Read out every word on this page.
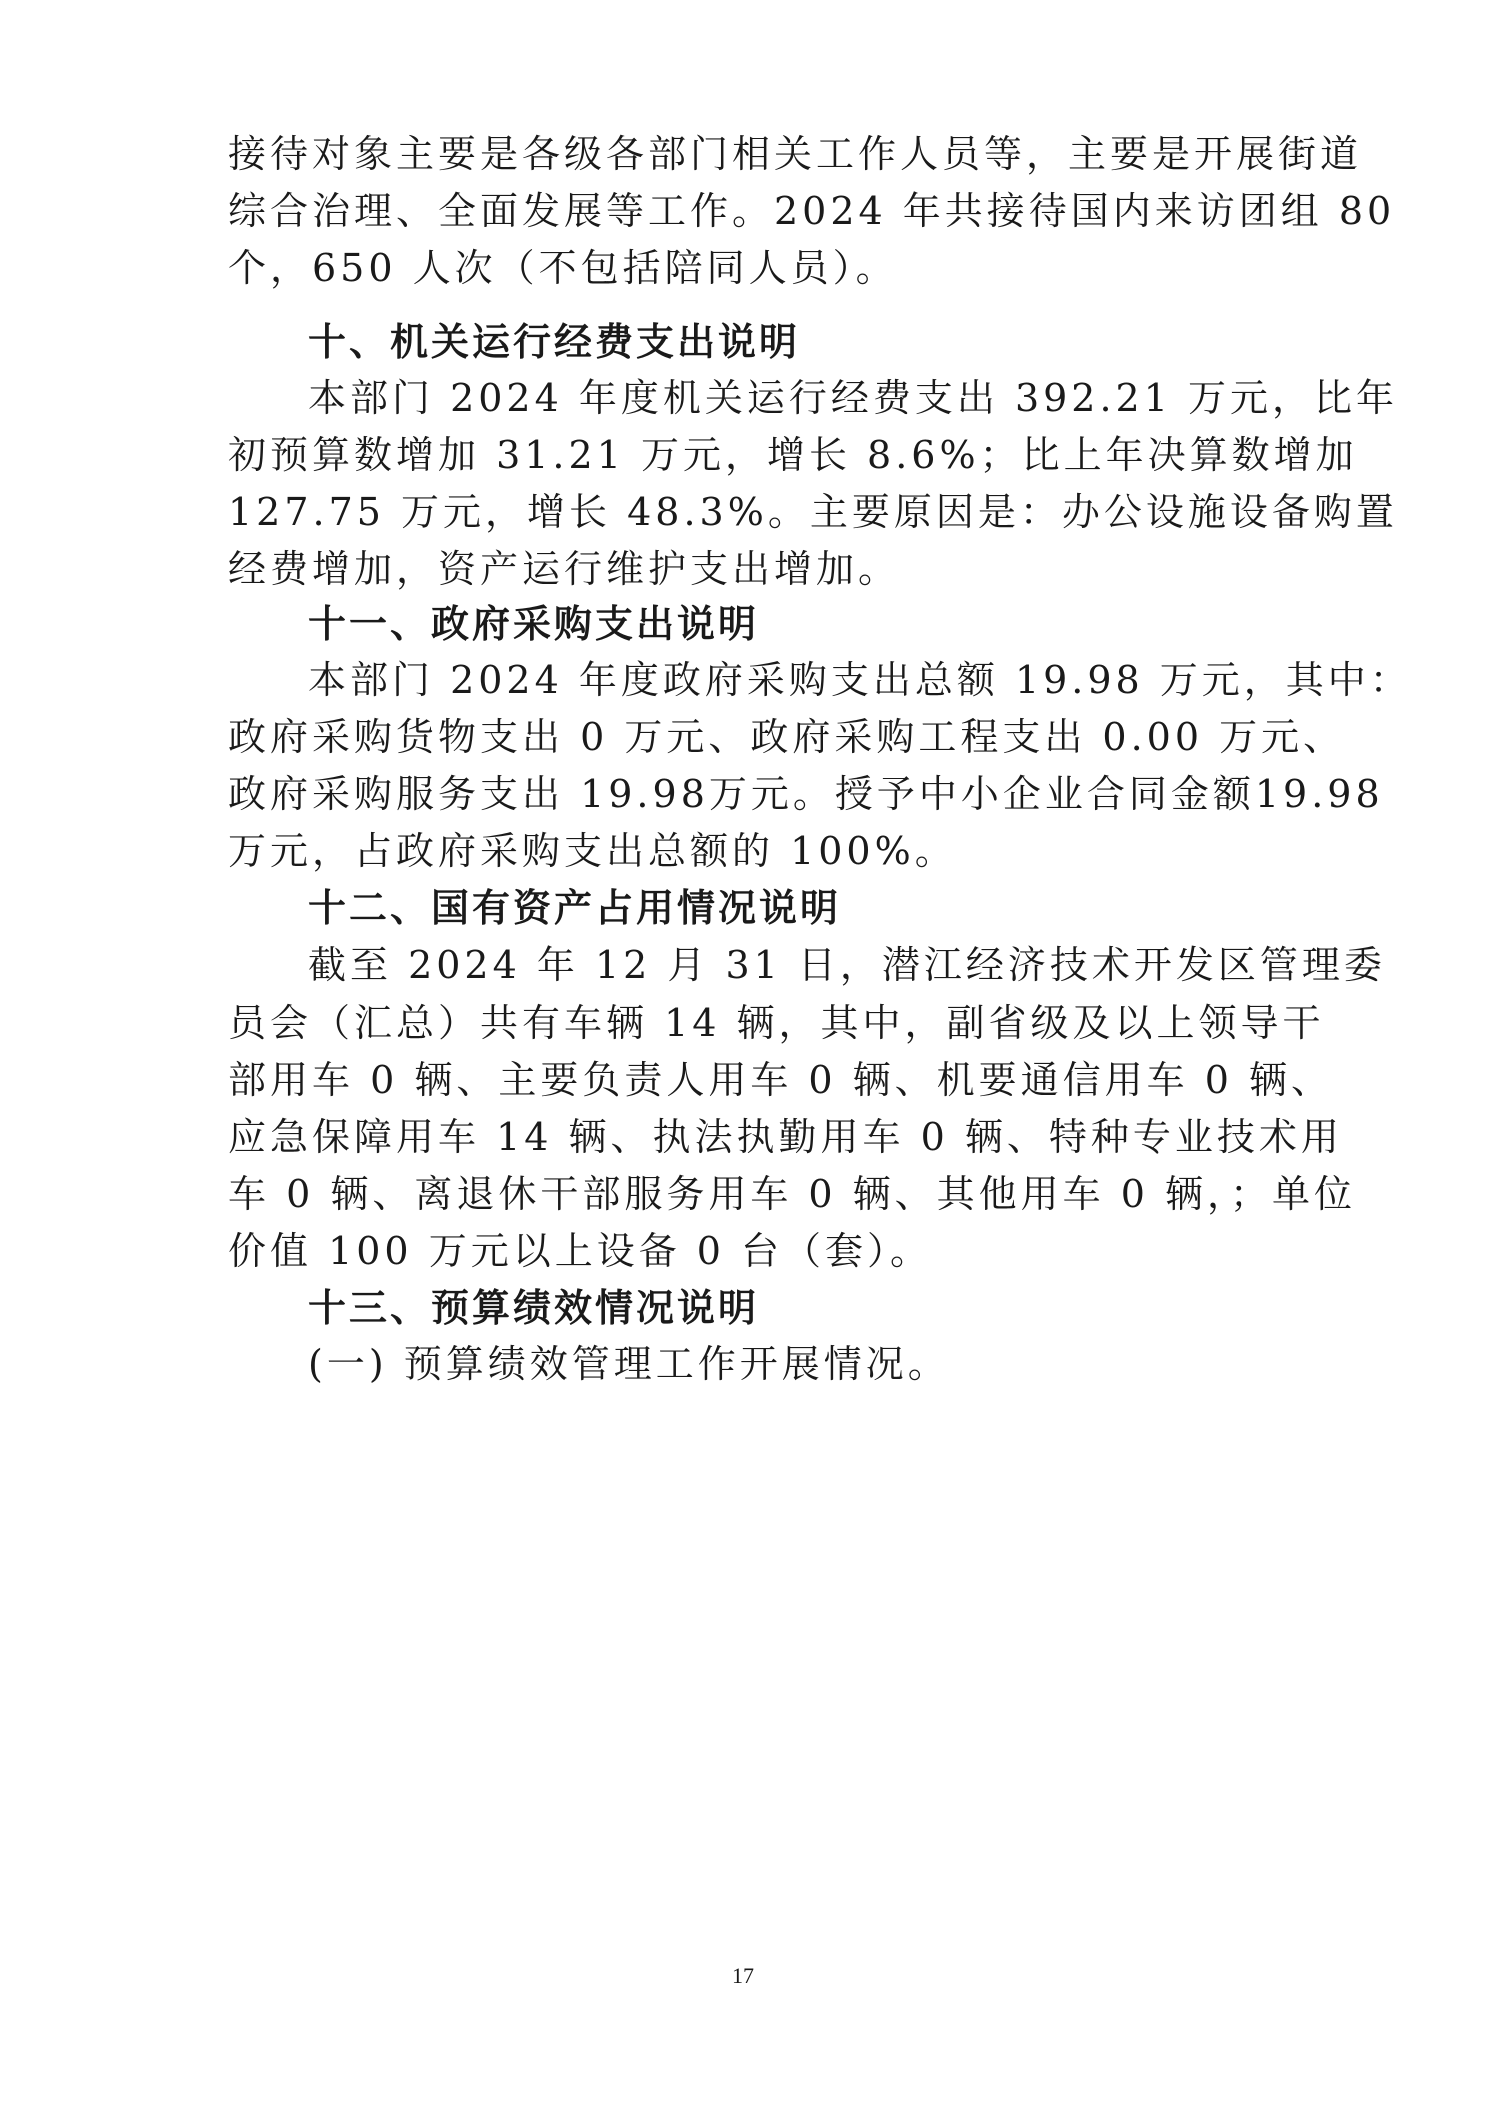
接待对象主要是各级各部门相关工作人员等，主要是开展街道
综合治理、全面发展等工作。2024 年共接待国内来访团组 80
个，650 人次（不包括陪同人员）。
十、机关运行经费支出说明
本部门 2024 年度机关运行经费支出 392.21 万元，比年
初预算数增加 31.21 万元，增长 8.6%；比上年决算数增加
127.75 万元，增长 48.3%。主要原因是：办公设施设备购置
经费增加，资产运行维护支出增加。
十一、政府采购支出说明
本部门 2024 年度政府采购支出总额 19.98 万元，其中：
政府采购货物支出 0 万元、政府采购工程支出 0.00 万元、
政府采购服务支出 19.98万元。授予中小企业合同金额19.98
万元，占政府采购支出总额的 100%。
十二、国有资产占用情况说明
截至 2024 年 12 月 31 日，潜江经济技术开发区管理委
员会（汇总）共有车辆 14 辆，其中，副省级及以上领导干
部用车 0 辆、主要负责人用车 0 辆、机要通信用车 0 辆、
应急保障用车 14 辆、执法执勤用车 0 辆、特种专业技术用
车 0 辆、离退休干部服务用车 0 辆、其他用车 0 辆，；单位
价值 100 万元以上设备 0 台（套）。
十三、预算绩效情况说明
(一) 预算绩效管理工作开展情况。
17
